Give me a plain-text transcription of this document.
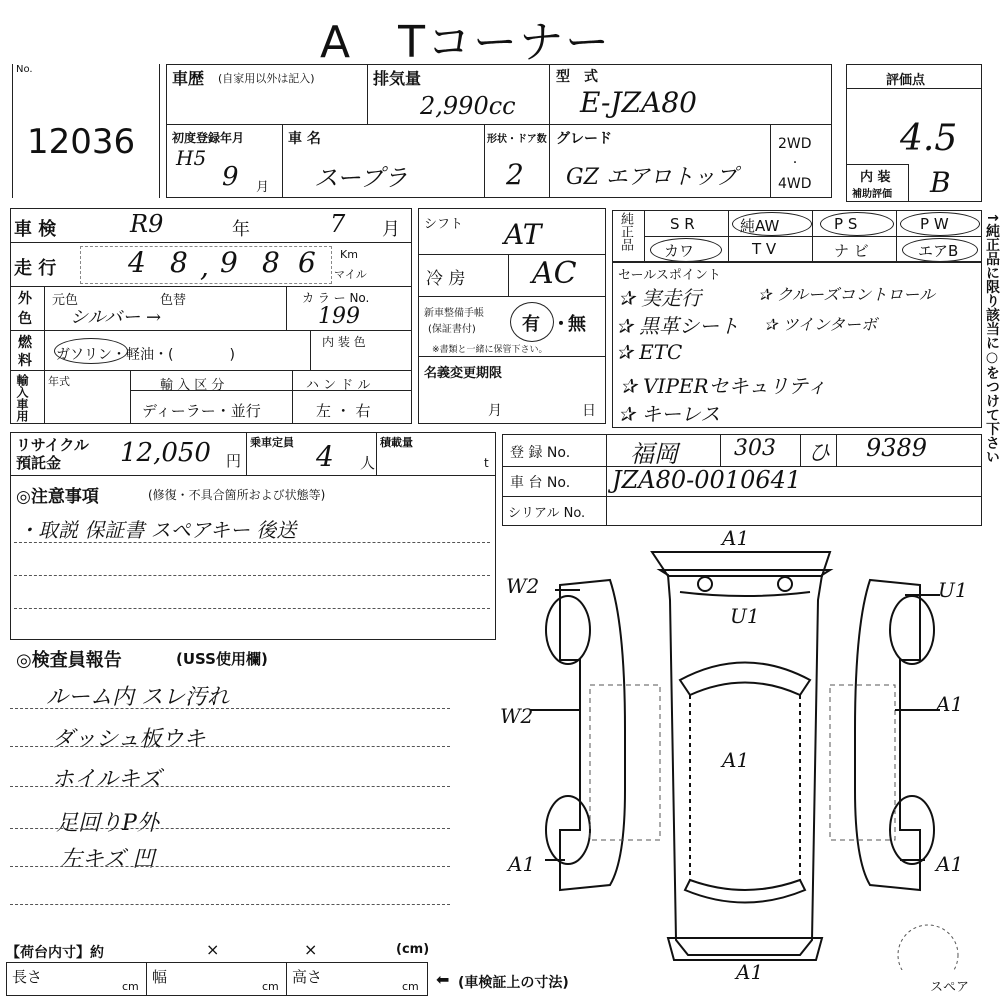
A　Tコーナー
No.
12036
車歴 (自家用以外は記入)	排気量
2,990cc
型　式
E-JZA80
初度登録年月
H5
9 月
車 名
スープラ
形状・ドア数
2
グレード
GZ エアロトップ
2WD
・
4WD
評価点
4.5
内 装
補助評価 B
車 検	R9	年	7 月
走 行	4 8 , 9 8 6 Km
マイル
外
色
元色	色替
シルバー →
カ ラ ー No.
199
燃
料 ガソリン・軽油・(　　　　)
内 装 色
輸入車用 年式	輸 入 区 分
ディーラー・並行
ハ ン ド ル
左 ・ 右
シフト AT
冷 房 AC
新車整備手帳
(保証書付)	有 ・
無
※書類と一緒に保管下さい。
名義変更期限
月	日
純正品 S R	純AW	P S	P W
カワ	T V	ナ ビ	エアB
セールスポイント
✰ 実走行	✰ クルーズコントロール
✰ 黒革シート ✰ ツインターボ
✰ ETC
✰ VIPERセキュリティ
✰ キーレス	↑純正品に限り該当に○をつけて下さい
リサイクル
預託金 12,050 円
乗車定員 4 人
積載量
t
登 録 No. 福岡	303 ひ 9389
車 台 No. JZA80-0010641
シリアル No.
◎注意事項	(修復・不具合箇所および状態等)
・取説 保証書 スペアキー 後送
◎検査員報告	(USS使用欄)
ルーム内 スレ汚れ
ダッシュ板ウキ
ホイルキズ
足回りP外
左キズ 凹
【荷台内寸】約	×	×	(cm)
長さ
cm
幅
cm
高さ
cm ⬅ (車検証上の寸法)
A1
U1
W2	U1
W2	A1
A1
A1	A1
A1
スペア
